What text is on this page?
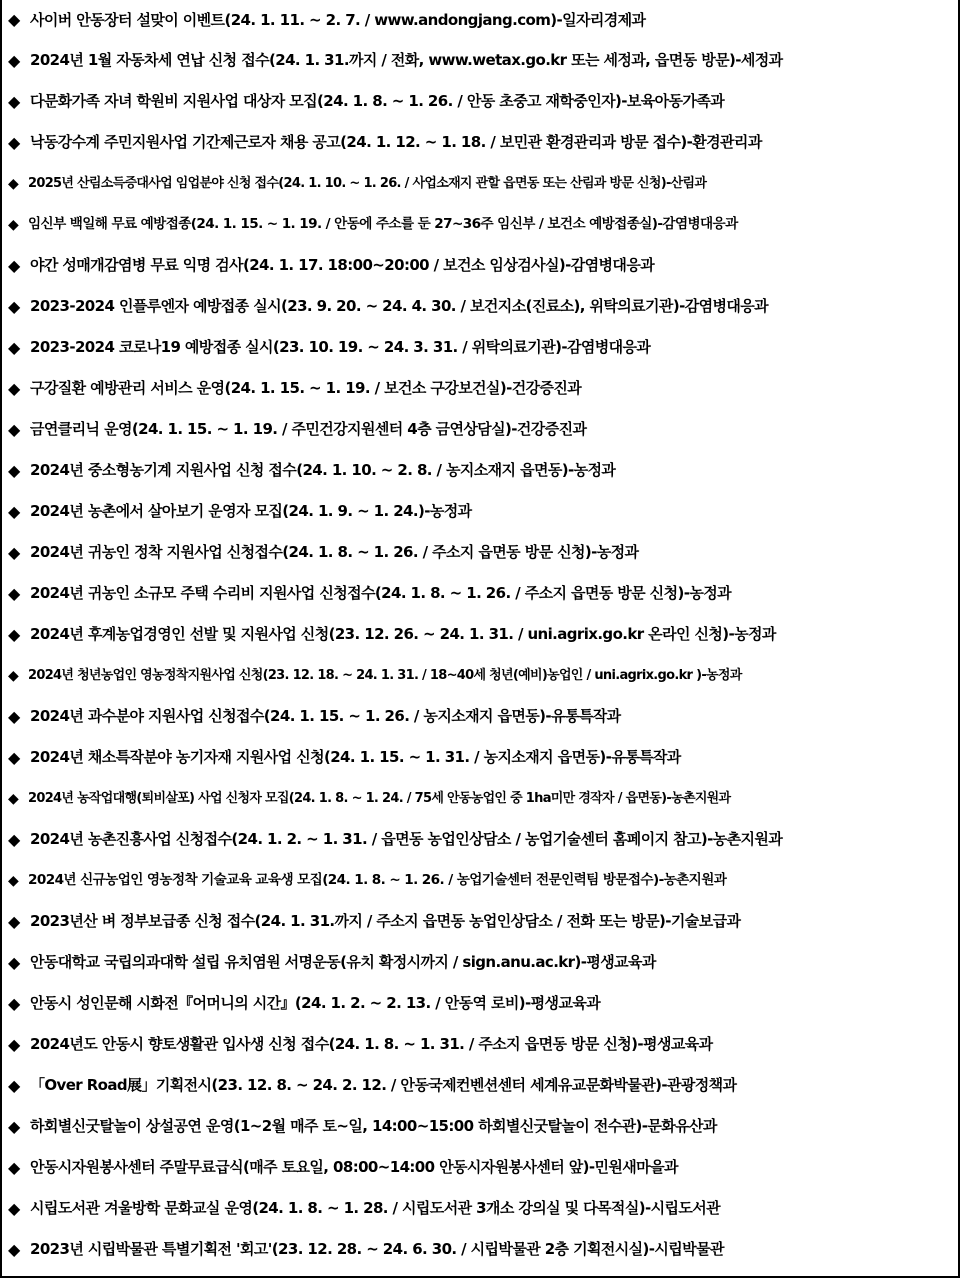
◆ 사이버 안동장터 설맞이 이벤트(24. 1. 11. ~ 2. 7. / www.andongjang.com)-일자리경제과
◆ 2024년 1월 자동차세 연납 신청 접수(24. 1. 31.까지 / 전화, www.wetax.go.kr 또는 세정과, 읍면동 방문)-세정과
◆ 다문화가족 자녀 학원비 지원사업 대상자 모집(24. 1. 8. ~ 1. 26. / 안동 초중고 재학중인자)-보육아동가족과
◆ 낙동강수계 주민지원사업 기간제근로자 채용 공고(24. 1. 12. ~ 1. 18. / 보민관 환경관리과 방문 접수)-환경관리과
◆ 2025년 산림소득증대사업 임업분야 신청 접수(24. 1. 10. ~ 1. 26. / 사업소재지 관할 읍면동 또는 산림과 방문 신청)-산림과
◆ 임신부 백일해 무료 예방접종(24. 1. 15. ~ 1. 19. / 안동에 주소를 둔 27~36주 임신부 / 보건소 예방접종실)-감염병대응과
◆ 야간 성매개감염병 무료 익명 검사(24. 1. 17. 18:00~20:00 / 보건소 임상검사실)-감염병대응과
◆ 2023-2024 인플루엔자 예방접종 실시(23. 9. 20. ~ 24. 4. 30. / 보건지소(진료소), 위탁의료기관)-감염병대응과
◆ 2023-2024 코로나19 예방접종 실시(23. 10. 19. ~ 24. 3. 31. / 위탁의료기관)-감염병대응과
◆ 구강질환 예방관리 서비스 운영(24. 1. 15. ~ 1. 19. / 보건소 구강보건실)-건강증진과
◆ 금연클리닉 운영(24. 1. 15. ~ 1. 19. / 주민건강지원센터 4층 금연상담실)-건강증진과
◆ 2024년 중소형농기계 지원사업 신청 접수(24. 1. 10. ~ 2. 8. / 농지소재지 읍면동)-농정과
◆ 2024년 농촌에서 살아보기 운영자 모집(24. 1. 9. ~ 1. 24.)-농정과
◆ 2024년 귀농인 정착 지원사업 신청접수(24. 1. 8. ~ 1. 26. / 주소지 읍면동 방문 신청)-농정과
◆ 2024년 귀농인 소규모 주택 수리비 지원사업 신청접수(24. 1. 8. ~ 1. 26. / 주소지 읍면동 방문 신청)-농정과
◆ 2024년 후계농업경영인 선발 및 지원사업 신청(23. 12. 26. ~ 24. 1. 31. / uni.agrix.go.kr 온라인 신청)-농정과
◆ 2024년 청년농업인 영농정착지원사업 신청(23. 12. 18. ~ 24. 1. 31. / 18~40세 청년(예비)농업인 / uni.agrix.go.kr )-농정과
◆ 2024년 과수분야 지원사업 신청접수(24. 1. 15. ~ 1. 26. / 농지소재지 읍면동)-유통특작과
◆ 2024년 채소특작분야 농기자재 지원사업 신청(24. 1. 15. ~ 1. 31. / 농지소재지 읍면동)-유통특작과
◆ 2024년 농작업대행(퇴비살포) 사업 신청자 모집(24. 1. 8. ~ 1. 24. / 75세 안동농업인 중 1ha미만 경작자 / 읍면동)-농촌지원과
◆ 2024년 농촌진흥사업 신청접수(24. 1. 2. ~ 1. 31. / 읍면동 농업인상담소 / 농업기술센터 홈페이지 참고)-농촌지원과
◆ 2024년 신규농업인 영농정착 기술교육 교육생 모집(24. 1. 8. ~ 1. 26. / 농업기술센터 전문인력팀 방문접수)-농촌지원과
◆ 2023년산 벼 정부보급종 신청 접수(24. 1. 31.까지 / 주소지 읍면동 농업인상담소 / 전화 또는 방문)-기술보급과
◆ 안동대학교 국립의과대학 설립 유치염원 서명운동(유치 확정시까지 / sign.anu.ac.kr)-평생교육과
◆ 안동시 성인문해 시화전『어머니의 시간』(24. 1. 2. ~ 2. 13. / 안동역 로비)-평생교육과
◆ 2024년도 안동시 향토생활관 입사생 신청 접수(24. 1. 8. ~ 1. 31. / 주소지 읍면동 방문 신청)-평생교육과
◆ 「Over Road展」기획전시(23. 12. 8. ~ 24. 2. 12. / 안동국제컨벤션센터 세계유교문화박물관)-관광정책과
◆ 하회별신굿탈놀이 상설공연 운영(1~2월 매주 토~일, 14:00~15:00 하회별신굿탈놀이 전수관)-문화유산과
◆ 안동시자원봉사센터 주말무료급식(매주 토요일, 08:00~14:00 안동시자원봉사센터 앞)-민원새마을과
◆ 시립도서관 겨울방학 문화교실 운영(24. 1. 8. ~ 1. 28. / 시립도서관 3개소 강의실 및 다목적실)-시립도서관
◆ 2023년 시립박물관 특별기획전 '회고'(23. 12. 28. ~ 24. 6. 30. / 시립박물관 2층 기획전시실)-시립박물관
